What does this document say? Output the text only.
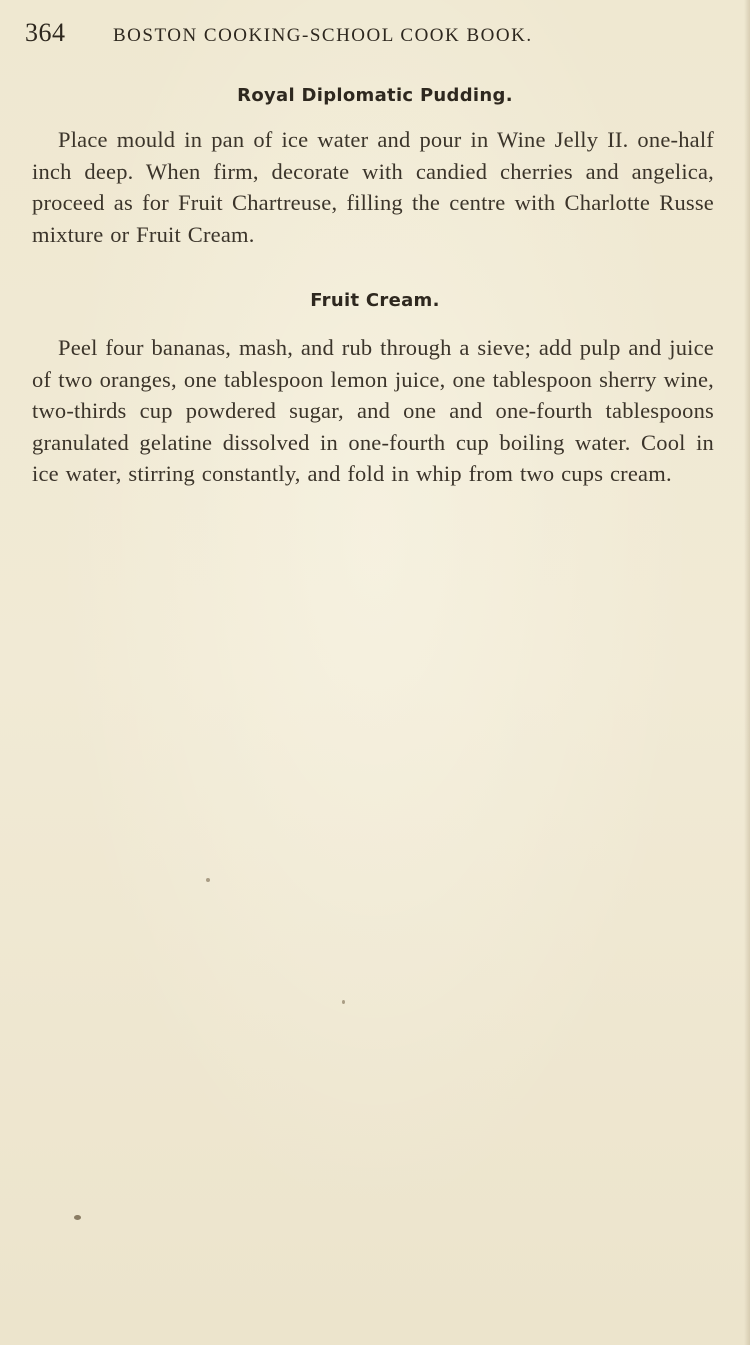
364	BOSTON COOKING-SCHOOL COOK BOOK.
Royal Diplomatic Pudding.

Place mould in pan of ice water and pour in Wine Jelly II. one-half inch deep. When firm, decorate with candied cherries and angelica, proceed as for Fruit Chartreuse, filling the centre with Charlotte Russe mixture or Fruit Cream.

Fruit Cream.

Peel four bananas, mash, and rub through a sieve; add pulp and juice of two oranges, one tablespoon lemon juice, one tablespoon sherry wine, two-thirds cup powdered sugar, and one and one-fourth tablespoons granulated gelatine dissolved in one-fourth cup boiling water. Cool in ice water, stirring constantly, and fold in whip from two cups cream.
